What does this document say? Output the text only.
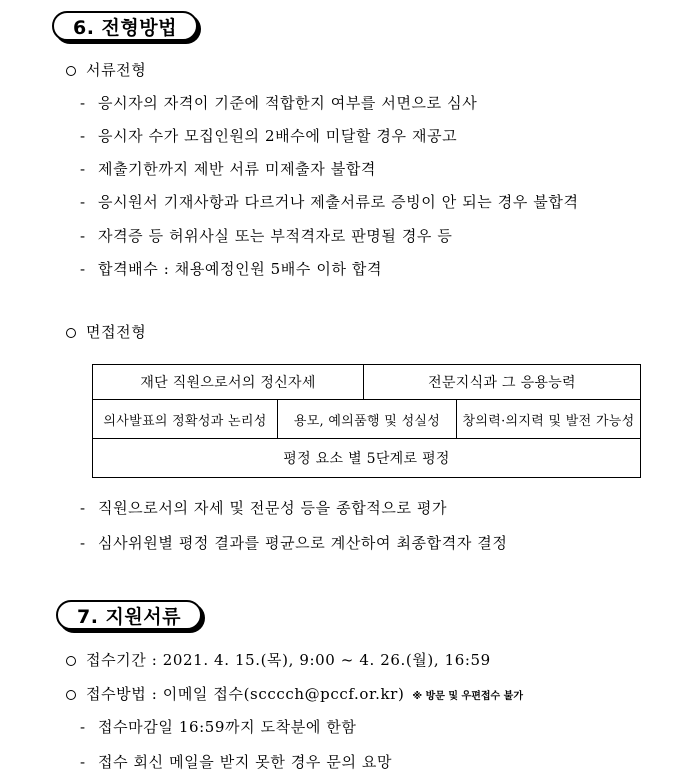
6. 전형방법
서류전형
- 응시자의 자격이 기준에 적합한지 여부를 서면으로 심사
- 응시자 수가 모집인원의 2배수에 미달할 경우 재공고
- 제출기한까지 제반 서류 미제출자 불합격
- 응시원서 기재사항과 다르거나 제출서류로 증빙이 안 되는 경우 불합격
- 자격증 등 허위사실 또는 부적격자로 판명될 경우 등
- 합격배수 : 채용예정인원 5배수 이하 합격
면접전형
재단 직원으로서의 정신자세		전문지식과 그 응용능력	
의사발표의 정확성과 논리성	용모, 예의품행 및 성실성		창의력·의지력 및 발전 가능성
평정 요소 별 5단계로 평정			
- 직원으로서의 자세 및 전문성 등을 종합적으로 평가
- 심사위원별 평정 결과를 평균으로 계산하여 최종합격자 결정
7. 지원서류
접수기간 : 2021. 4. 15.(목), 9:00 ~ 4. 26.(월), 16:59
접수방법 : 이메일 접수(scccch@pccf.or.kr) ※ 방문 및 우편접수 불가
- 접수마감일 16:59까지 도착분에 한함
- 접수 회신 메일을 받지 못한 경우 문의 요망
